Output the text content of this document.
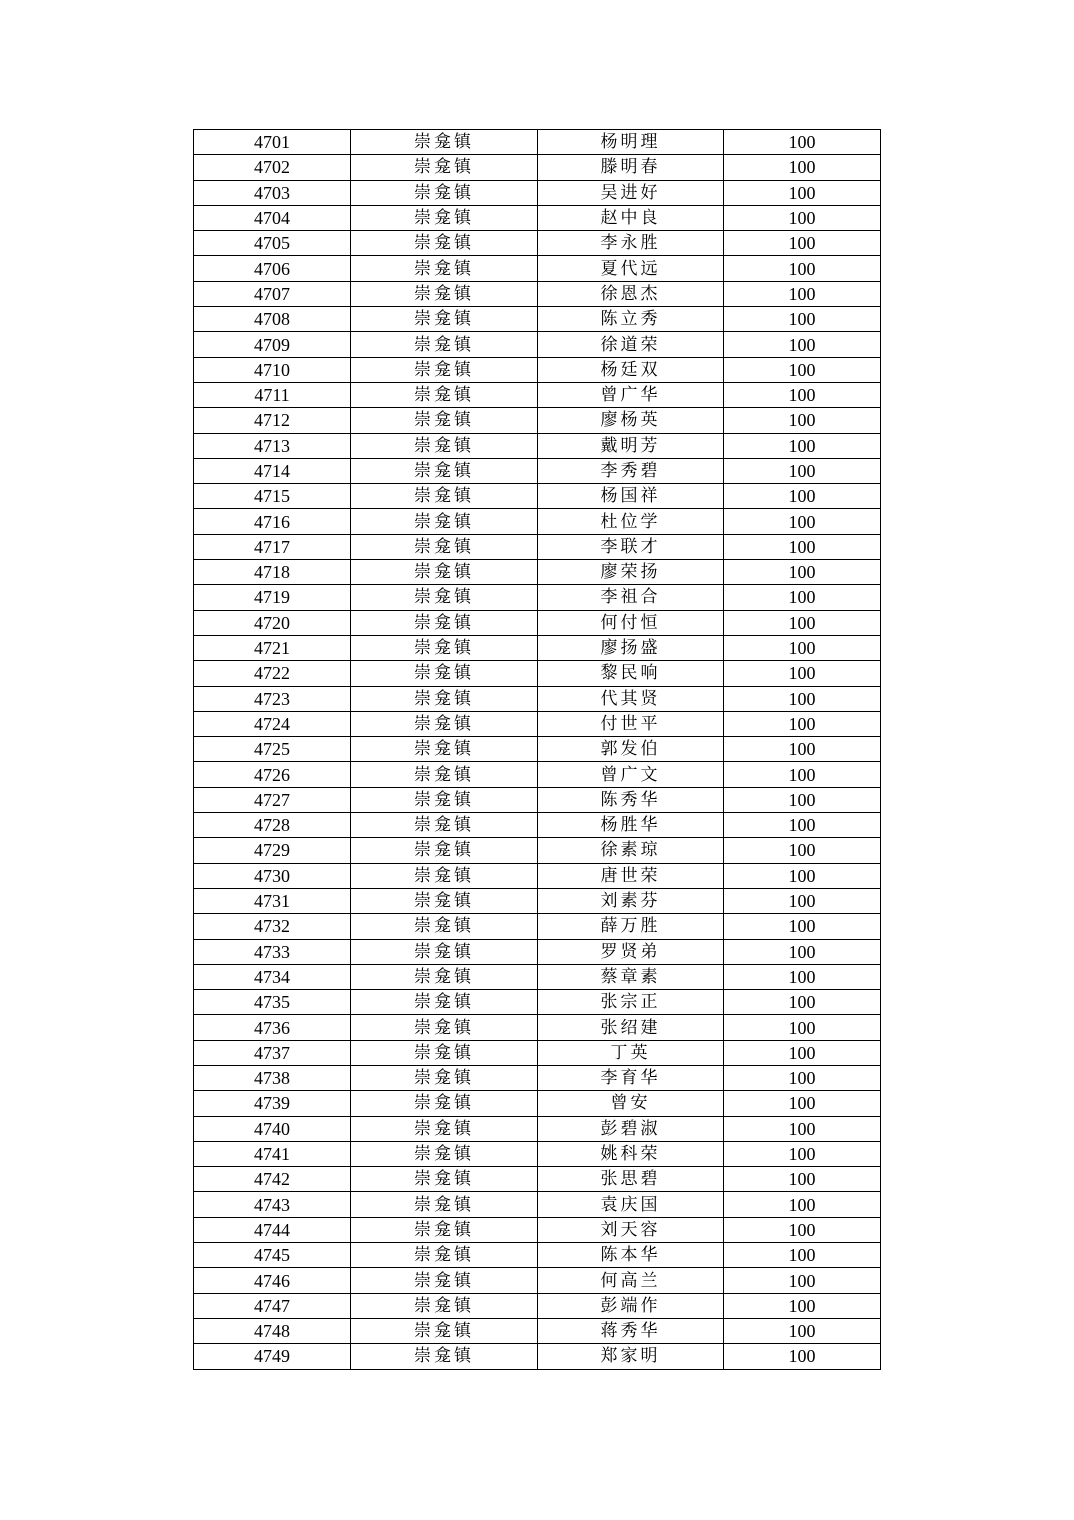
4701	崇龛镇	杨明理	100
4702	崇龛镇	滕明春	100
4703	崇龛镇	吴进好	100
4704	崇龛镇	赵中良	100
4705	崇龛镇	李永胜	100
4706	崇龛镇	夏代远	100
4707	崇龛镇	徐恩杰	100
4708	崇龛镇	陈立秀	100
4709	崇龛镇	徐道荣	100
4710	崇龛镇	杨廷双	100
4711	崇龛镇	曾广华	100
4712	崇龛镇	廖杨英	100
4713	崇龛镇	戴明芳	100
4714	崇龛镇	李秀碧	100
4715	崇龛镇	杨国祥	100
4716	崇龛镇	杜位学	100
4717	崇龛镇	李联才	100
4718	崇龛镇	廖荣扬	100
4719	崇龛镇	李祖合	100
4720	崇龛镇	何付恒	100
4721	崇龛镇	廖扬盛	100
4722	崇龛镇	黎民响	100
4723	崇龛镇	代其贤	100
4724	崇龛镇	付世平	100
4725	崇龛镇	郭发伯	100
4726	崇龛镇	曾广文	100
4727	崇龛镇	陈秀华	100
4728	崇龛镇	杨胜华	100
4729	崇龛镇	徐素琼	100
4730	崇龛镇	唐世荣	100
4731	崇龛镇	刘素芬	100
4732	崇龛镇	薛万胜	100
4733	崇龛镇	罗贤弟	100
4734	崇龛镇	蔡章素	100
4735	崇龛镇	张宗正	100
4736	崇龛镇	张绍建	100
4737	崇龛镇	丁英	100
4738	崇龛镇	李育华	100
4739	崇龛镇	曾安	100
4740	崇龛镇	彭碧淑	100
4741	崇龛镇	姚科荣	100
4742	崇龛镇	张思碧	100
4743	崇龛镇	袁庆国	100
4744	崇龛镇	刘天容	100
4745	崇龛镇	陈本华	100
4746	崇龛镇	何高兰	100
4747	崇龛镇	彭端作	100
4748	崇龛镇	蒋秀华	100
4749	崇龛镇	郑家明	100
